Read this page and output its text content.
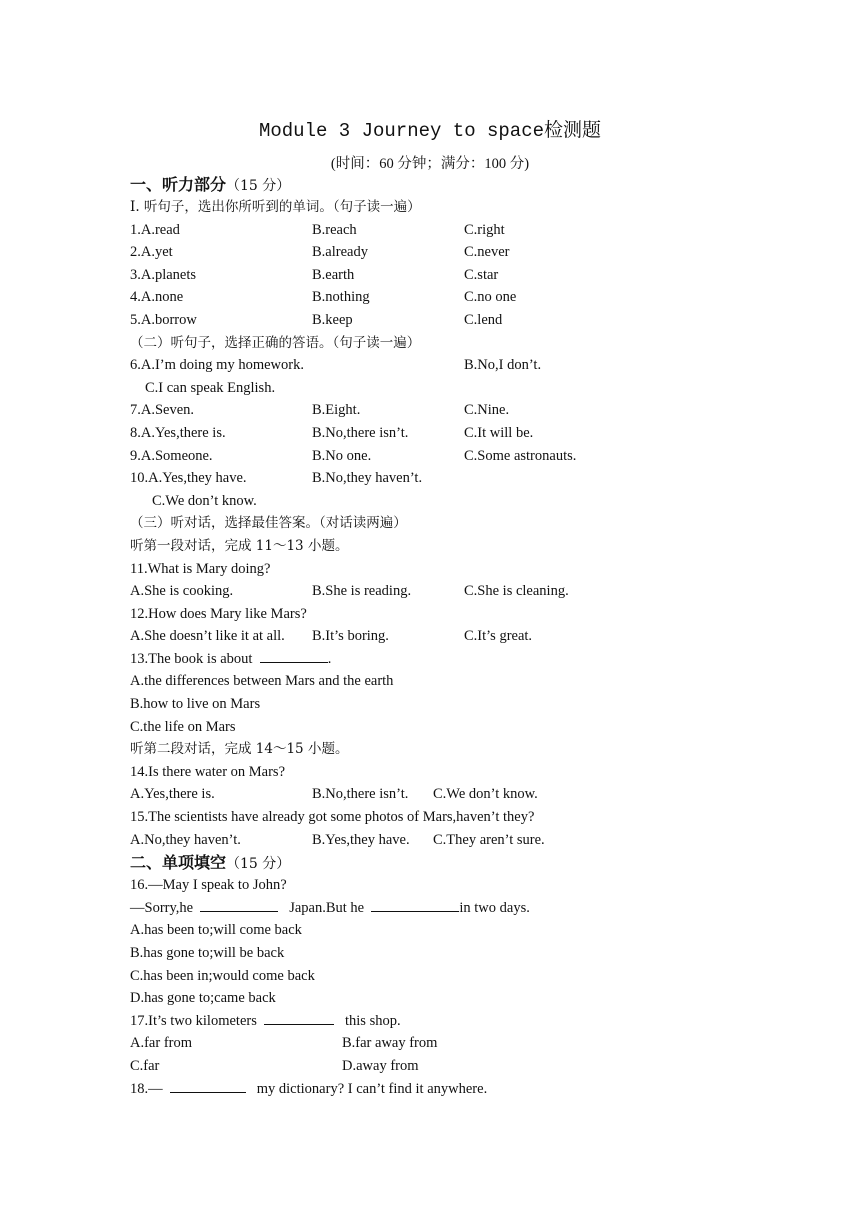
Module 3 Journey to space检测题
(时间：60 分钟；满分：100 分)
一、听力部分（15 分）
Ⅰ. 听句子，选出你所听到的单词。（句子读一遍）
1.A.read	B.reach	C.right
2.A.yet	B.already	C.never
3.A.planets	B.earth	C.star
4.A.none	B.nothing	C.no one
5.A.borrow	B.keep	C.lend
（二）听句子，选择正确的答语。（句子读一遍）
6.A.I’m doing my homework.	B.No,I don’t.
C.I can speak English.
7.A.Seven.	B.Eight.	C.Nine.
8.A.Yes,there is.	B.No,there isn’t.	C.It will be.
9.A.Someone.	B.No one.	C.Some astronauts.
10.A.Yes,they have.	B.No,they haven’t.
C.We don’t know.
（三）听对话，选择最佳答案。（对话读两遍）
听第一段对话，完成 11～13 小题。
11.What is Mary doing?
A.She is cooking.	B.She is reading.	C.She is cleaning.
12.How does Mary like Mars?
A.She doesn’t like it at all. B.It’s boring.	C.It’s great.
13.The book is about	.
A.the differences between Mars and the earth
B.how to live on Mars
C.the life on Mars
听第二段对话，完成 14～15 小题。
14.Is there water on Mars?
A.Yes,there is.	B.No,there isn’t. C.We don’t know.
15.The scientists have already got some photos of Mars,haven’t they?
A.No,they haven’t.	B.Yes,they have. C.They aren’t sure.
二、单项填空（15 分）
16.—May I speak to John?
—Sorry,he	Japan.But he	in two days.
A.has been to;will come back
B.has gone to;will be back
C.has been in;would come back
D.has gone to;came back
17.It’s two kilometers	this shop.
A.far from	B.far away from
C.far	D.away from
18.—	my dictionary? I can’t find it anywhere.
